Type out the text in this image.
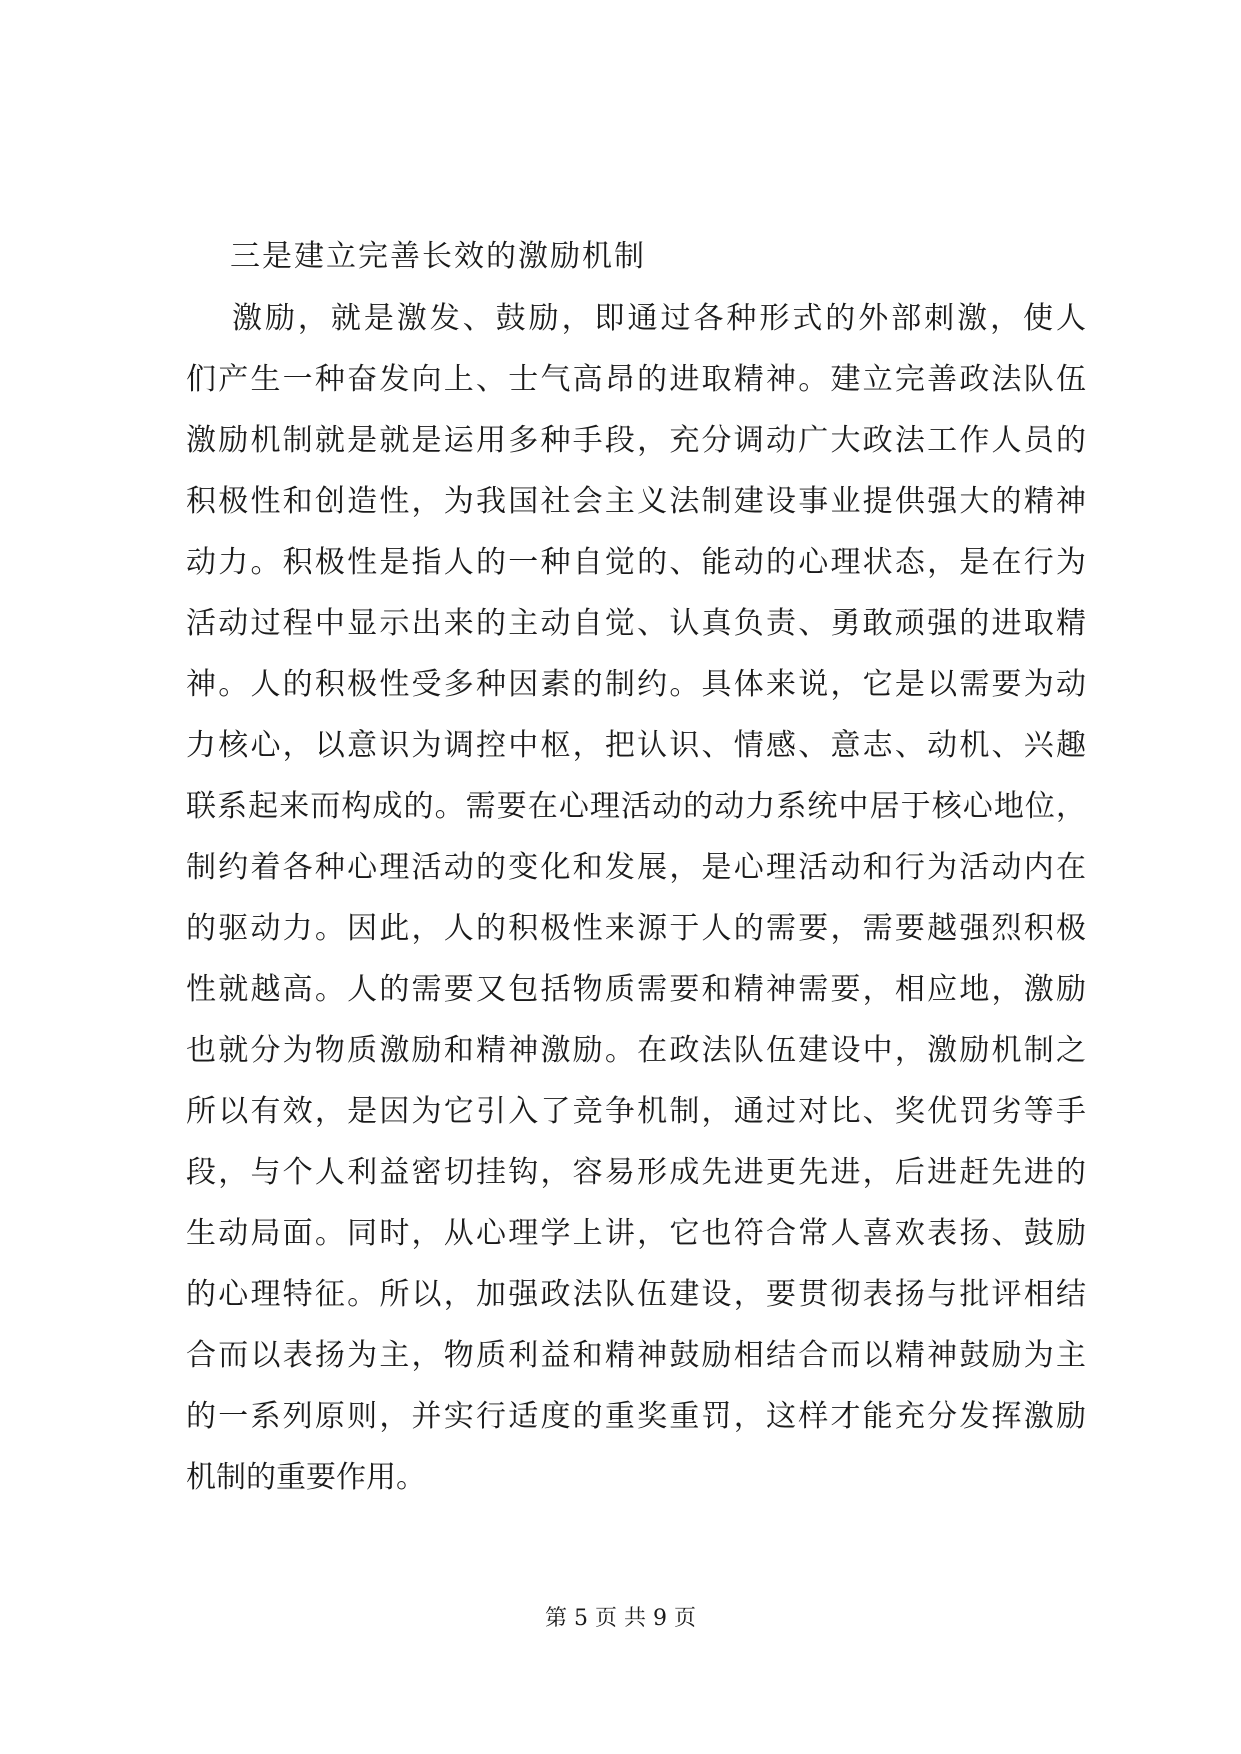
三是建立完善长效的激励机制
激励，就是激发、鼓励，即通过各种形式的外部刺激，使人
们产生一种奋发向上、士气高昂的进取精神。建立完善政法队伍
激励机制就是就是运用多种手段，充分调动广大政法工作人员的
积极性和创造性，为我国社会主义法制建设事业提供强大的精神
动力。积极性是指人的一种自觉的、能动的心理状态，是在行为
活动过程中显示出来的主动自觉、认真负责、勇敢顽强的进取精
神。人的积极性受多种因素的制约。具体来说，它是以需要为动
力核心，以意识为调控中枢，把认识、情感、意志、动机、兴趣
联系起来而构成的。需要在心理活动的动力系统中居于核心地位，
制约着各种心理活动的变化和发展，是心理活动和行为活动内在
的驱动力。因此，人的积极性来源于人的需要，需要越强烈积极
性就越高。人的需要又包括物质需要和精神需要，相应地，激励
也就分为物质激励和精神激励。在政法队伍建设中，激励机制之
所以有效，是因为它引入了竞争机制，通过对比、奖优罚劣等手
段，与个人利益密切挂钩，容易形成先进更先进，后进赶先进的
生动局面。同时，从心理学上讲，它也符合常人喜欢表扬、鼓励
的心理特征。所以，加强政法队伍建设，要贯彻表扬与批评相结
合而以表扬为主，物质利益和精神鼓励相结合而以精神鼓励为主
的一系列原则，并实行适度的重奖重罚，这样才能充分发挥激励
机制的重要作用。
第 5 页 共 9 页
